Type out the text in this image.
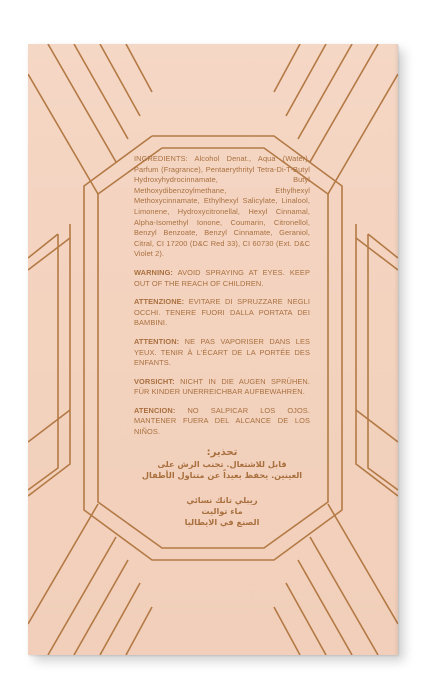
INGREDIENTS: Alcohol Denat., Aqua (Water), Parfum (Fragrance), Pentaerythrityl Tetra-Di-T-Butyl Hydroxyhydrocinnamate, Butyl Methoxydibenzoylmethane, Ethylhexyl Methoxycinnamate, Ethylhexyl Salicylate, Linalool, Limonene, Hydroxycitronellal, Hexyl Cinnamal, Alpha-Isomethyl Ionone, Coumarin, Citronellol, Benzyl Benzoate, Benzyl Cinnamate, Geraniol, Citral, CI 17200 (D&C Red 33), CI 60730 (Ext. D&C Violet 2).

WARNING: AVOID SPRAYING AT EYES. KEEP OUT OF THE REACH OF CHILDREN.

ATTENZIONE: EVITARE DI SPRUZZARE NEGLI OCCHI. TENERE FUORI DALLA PORTATA DEI BAMBINI.

ATTENTION: NE PAS VAPORISER DANS LES YEUX. TENIR À L'ÉCART DE LA PORTÉE DES ENFANTS.

VORSICHT: NICHT IN DIE AUGEN SPRÜHEN. FÜR KINDER UNERREICHBAR AUFBEWAHREN.

ATENCION: NO SALPICAR LOS OJOS. MANTENER FUERA DEL ALCANCE DE LOS NIÑOS.

تحذير:
قابل للاشتعال. تجنب الرش على
العينين. يحفظ بعيداً عن متناول الأطفال
ريبلي تانك نسائي
ماء تواليت
الصنع في الايطاليا
